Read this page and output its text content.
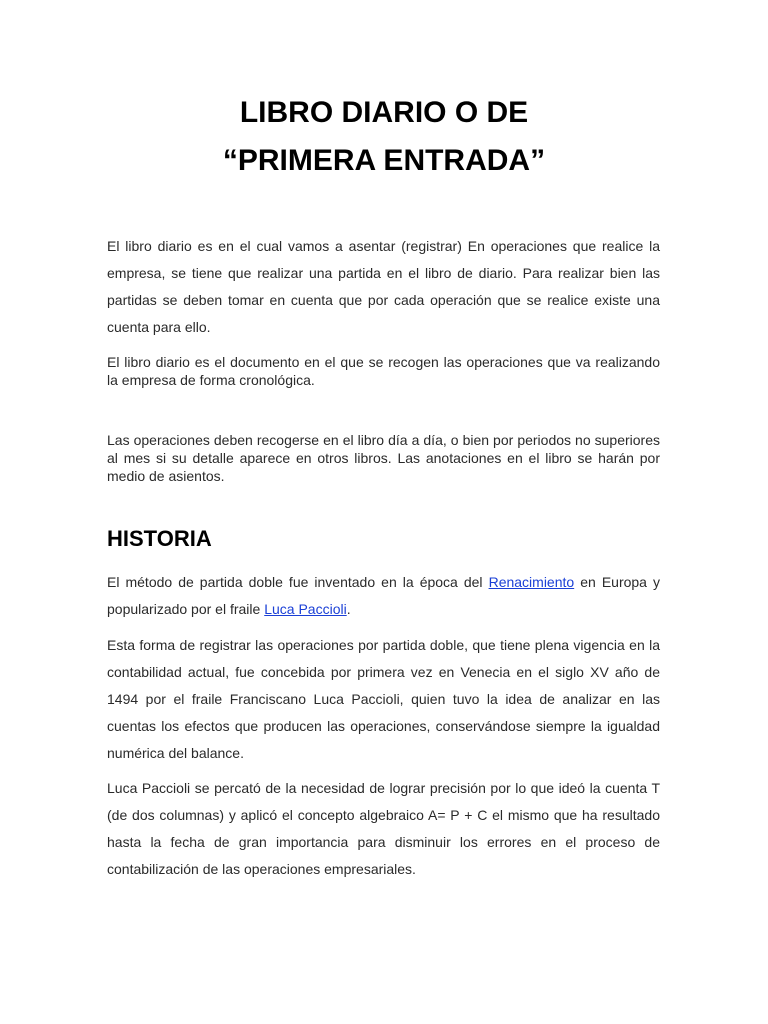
LIBRO DIARIO O DE
“PRIMERA ENTRADA”

El libro diario es en el cual vamos a asentar (registrar) En operaciones que realice la empresa, se tiene que realizar una partida en el libro de diario. Para realizar bien las partidas se deben tomar en cuenta que por cada operación que se realice existe una cuenta para ello.

El libro diario es el documento en el que se recogen las operaciones que va realizando la empresa de forma cronológica.

Las operaciones deben recogerse en el libro día a día, o bien por periodos no superiores al mes si su detalle aparece en otros libros. Las anotaciones en el libro se harán por medio de asientos.

HISTORIA

El método de partida doble fue inventado en la época del Renacimiento en Europa y popularizado por el fraile Luca Paccioli.

Esta forma de registrar las operaciones por partida doble, que tiene plena vigencia en la contabilidad actual, fue concebida por primera vez en Venecia en el siglo XV año de 1494 por el fraile Franciscano Luca Paccioli, quien tuvo la idea de analizar en las cuentas los efectos que producen las operaciones, conservándose siempre la igualdad numérica del balance.

Luca Paccioli se percató de la necesidad de lograr precisión por lo que ideó la cuenta T (de dos columnas) y aplicó el concepto algebraico A= P + C el mismo que ha resultado hasta la fecha de gran importancia para disminuir los errores en el proceso de contabilización de las operaciones empresariales.
